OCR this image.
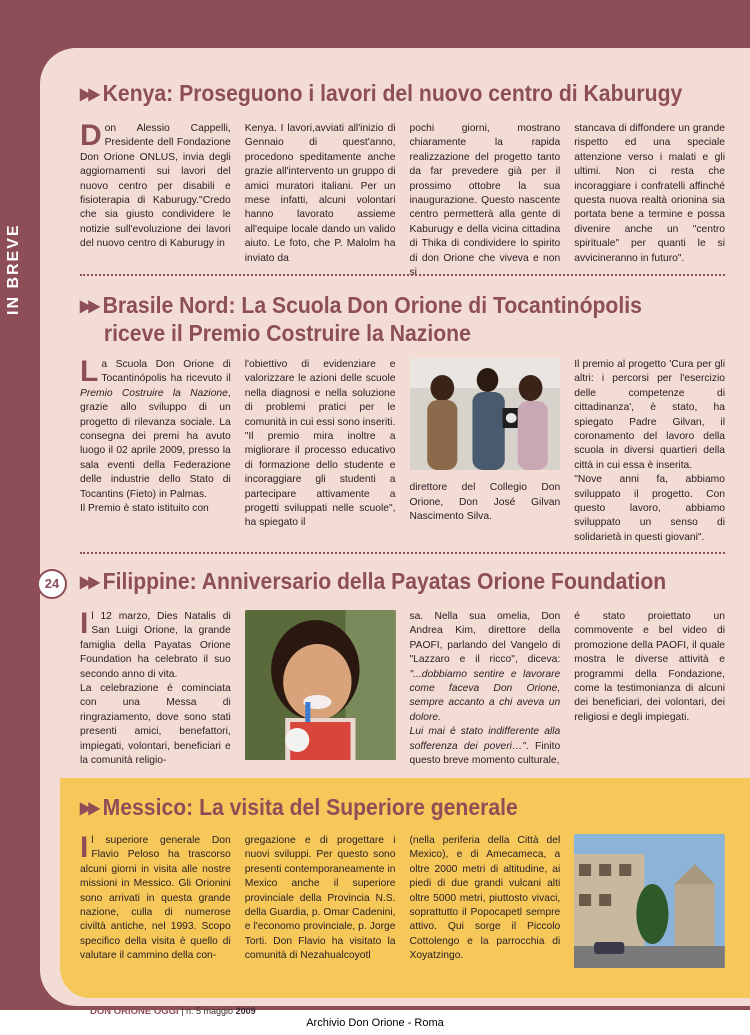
IN BREVE
24
▶▶ Kenya: Proseguono i lavori del nuovo centro di Kaburugy
Don Alessio Cappelli, Presidente dell Fondazione Don Orione ONLUS, invia degli aggiornamenti sui lavori del nuovo centro per disabili e fisioterapia di Kaburugy."Credo che sia giusto condividere le notizie sull'evoluzione dei lavori del nuovo centro di Kaburugy in
Kenya. I lavori,avviati all'inizio di Gennaio di quest'anno, procedono speditamente anche grazie all'intervento un gruppo di amici muratori italiani. Per un mese infatti, alcuni volontari hanno lavorato assieme all'equipe locale dando un valido aiuto. Le foto, che P. Malolm ha inviato da
pochi giorni, mostrano chiaramente la rapida realizzazione del progetto tanto da far prevedere già per il prossimo ottobre la sua inaugurazione. Questo nascente centro permetterà alla gente di Kaburugy e della vicina cittadina di Thika di condividere lo spirito di don Orione che viveva e non si
stancava di diffondere un grande rispetto ed una speciale attenzione verso i malati e gli ultimi. Non ci resta che incoraggiare i confratelli affinché questa nuova realtà orionina sia portata bene a termine e possa divenire anche un "centro spirituale" per quanti le si avvicineranno in futuro".
▶▶ Brasile Nord: La Scuola Don Orione di Tocantinópolis
riceve il Premio Costruire la Nazione
La Scuola Don Orione di Tocantinópolis ha ricevuto il Premio Costruire la Nazione, grazie allo sviluppo di un progetto di rilevanza sociale. La consegna dei premi ha avuto luogo il 02 aprile 2009, presso la sala eventi della Federazione delle industrie dello Stato di Tocantins (Fieto) in Palmas.
Il Premio è stato istituito con
l'obiettivo di evidenziare e valorizzare le azioni delle scuole nella diagnosi e nella soluzione di problemi pratici per le comunità in cui essi sono inseriti.
"Il premio mira inoltre a migliorare il processo educativo di formazione dello studente e incoraggiare gli studenti a partecipare attivamente a progetti sviluppati nelle scuole", ha spiegato il
direttore del Collegio Don Orione, Don José Gilvan Nascimento Silva.
Il premio al progetto 'Cura per gli altri: i percorsi per l'esercizio delle competenze di cittadinanza', è stato, ha spiegato Padre Gilvan, il coronamento del lavoro della scuola in diversi quartieri della città in cui essa è inserita.
"Nove anni fa, abbiamo sviluppato il progetto. Con questo lavoro, abbiamo sviluppato un senso di solidarietà in questi giovani".
▶▶ Filippine: Anniversario della Payatas Orione Foundation
Il 12 marzo, Dies Natalis di San Luigi Orione, la grande famiglia della Payatas Orione Foundation ha celebrato il suo secondo anno di vita.
La celebrazione é cominciata con una Messa di ringraziamento, dove sono stati presenti amici, benefattori, impiegati, volontari, beneficiari e la comunità religio-
sa. Nella sua omelia, Don Andrea Kim, direttore della PAOFI, parlando del Vangelo di "Lazzaro e il ricco", diceva: "...dobbiamo sentire e lavorare come faceva Don Orione, sempre accanto a chi aveva un dolore.
Lui mai é stato indifferente alla sofferenza dei poveri…". Finito questo breve momento culturale,
é stato proiettato un commovente e bel video di promozione della PAOFI, il quale mostra le diverse attività e programmi della Fondazione, come la testimonianza di alcuni dei beneficiari, dei volontari, dei religiosi e degli impiegati.
▶▶ Messico: La visita del Superiore generale
Il superiore generale Don Flavio Peloso ha trascorso alcuni giorni in visita alle nostre missioni in Messico. Gli Orionini sono arrivati in questa grande nazione, culla di numerose civiltà antiche, nel 1993. Scopo specifico della visita è quello di valutare il cammino della con-
gregazione e di progettare i nuovi sviluppi. Per questo sono presenti contemporaneamente in Mexico anche il superiore provinciale della Provincia N.S. della Guardia, p. Omar Cadenini, e l'economo provinciale, p. Jorge Torti. Don Flavio ha visitato la comunità di Nezahualcoyotl
(nella periferia della Città del Mexico), e di Amecameca, a oltre 2000 metri di altitudine, ai piedi di due grandi vulcani alti oltre 5000 metri, piuttosto vivaci, soprattutto il Popocapetl sempre attivo. Qui sorge il Piccolo Cottolengo e la parrocchia di Xoyatzingo.
DON ORIONE OGGI | n. 5 maggio 2009
Archivio Don Orione - Roma
